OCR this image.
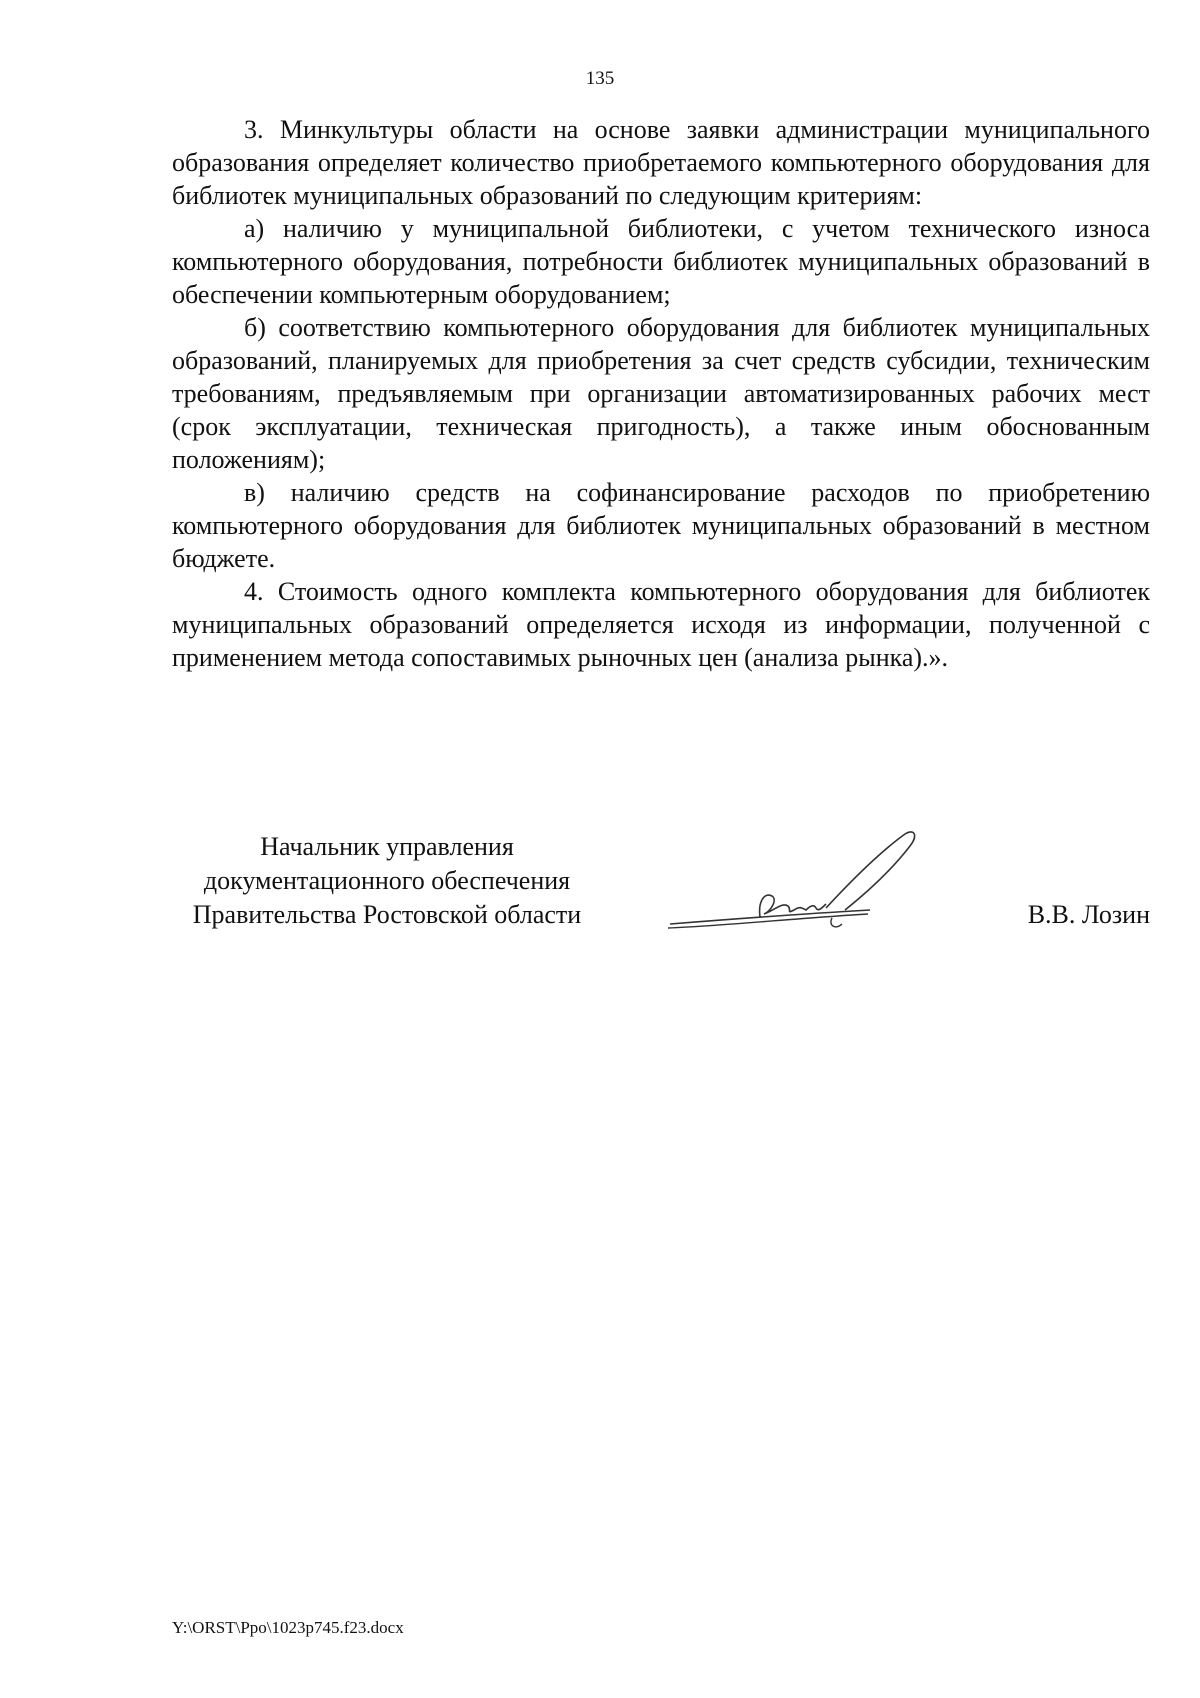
135

3. Минкультуры области на основе заявки администрации муниципального образования определяет количество приобретаемого компьютерного оборудования для библиотек муниципальных образований по следующим критериям:

а) наличию у муниципальной библиотеки, с учетом технического износа компьютерного оборудования, потребности библиотек муниципальных образований в обеспечении компьютерным оборудованием;

б) соответствию компьютерного оборудования для библиотек муниципальных образований, планируемых для приобретения за счет средств субсидии, техническим требованиям, предъявляемым при организации автоматизированных рабочих мест (срок эксплуатации, техническая пригодность), а также иным обоснованным положениям);

в) наличию средств на софинансирование расходов по приобретению компьютерного оборудования для библиотек муниципальных образований в местном бюджете.

4. Стоимость одного комплекта компьютерного оборудования для библиотек муниципальных образований определяется исходя из информации, полученной с применением метода сопоставимых рыночных цен (анализа рынка).».

Начальник управления
документационного обеспечения
Правительства Ростовской области	В.В. Лозин
Y:\ORST\Ppo\1023p745.f23.docx
